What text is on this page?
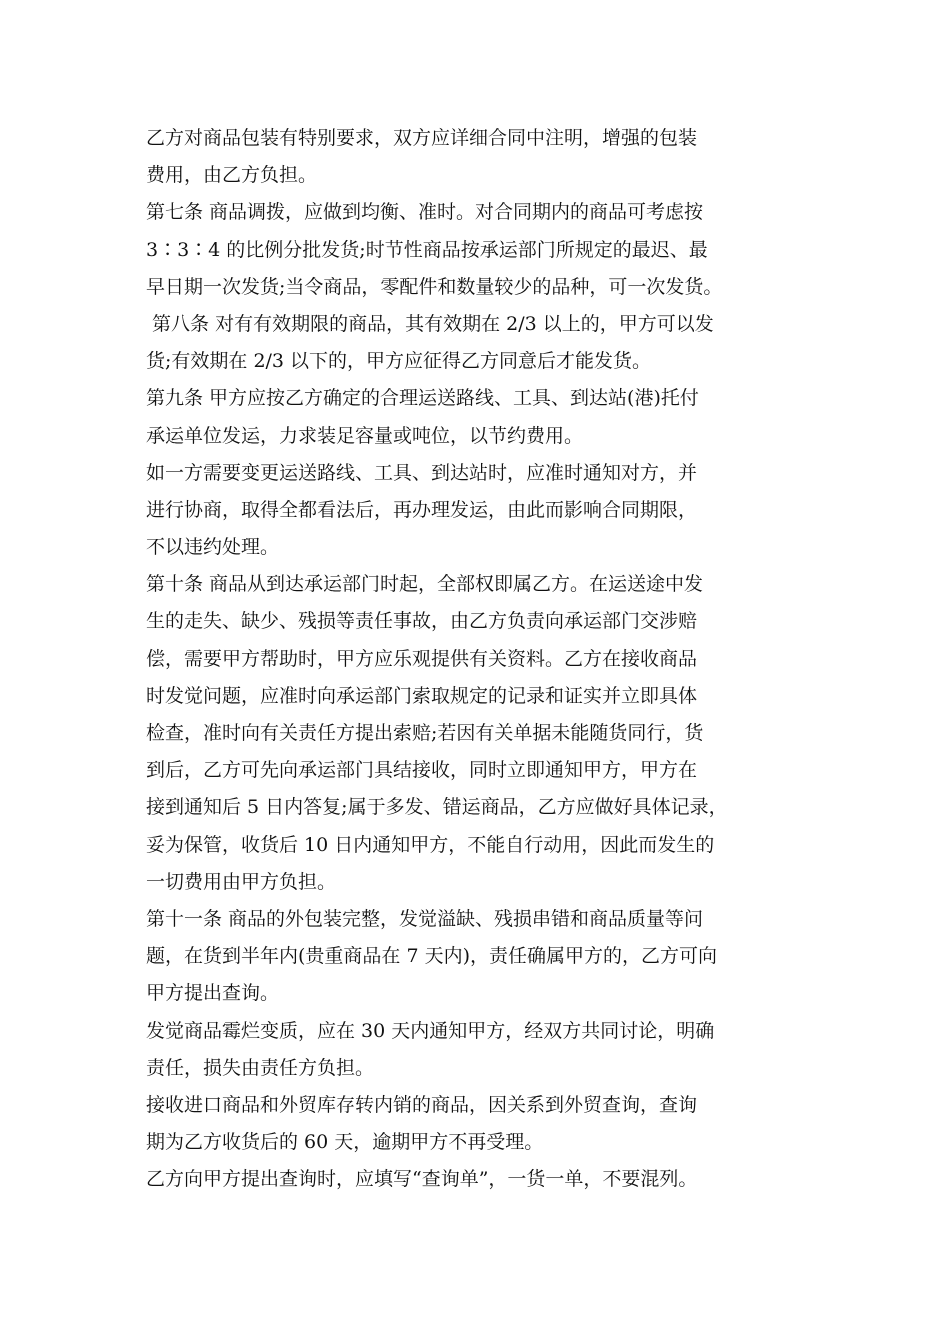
乙方对商品包装有特别要求，双方应详细合同中注明，增强的包装
费用，由乙方负担。
第七条 商品调拨，应做到均衡、准时。对合同期内的商品可考虑按
3∶3∶4 的比例分批发货;时节性商品按承运部门所规定的最迟、最
早日期一次发货;当令商品，零配件和数量较少的品种，可一次发货。
第八条 对有有效期限的商品，其有效期在 2/3 以上的，甲方可以发
货;有效期在 2/3 以下的，甲方应征得乙方同意后才能发货。
第九条 甲方应按乙方确定的合理运送路线、工具、到达站(港)托付
承运单位发运，力求装足容量或吨位，以节约费用。
如一方需要变更运送路线、工具、到达站时，应准时通知对方，并
进行协商，取得全都看法后，再办理发运，由此而影响合同期限，
不以违约处理。
第十条 商品从到达承运部门时起，全部权即属乙方。在运送途中发
生的走失、缺少、残损等责任事故，由乙方负责向承运部门交涉赔
偿，需要甲方帮助时，甲方应乐观提供有关资料。乙方在接收商品
时发觉问题，应准时向承运部门索取规定的记录和证实并立即具体
检查，准时向有关责任方提出索赔;若因有关单据未能随货同行，货
到后，乙方可先向承运部门具结接收，同时立即通知甲方，甲方在
接到通知后 5 日内答复;属于多发、错运商品，乙方应做好具体记录，
妥为保管，收货后 10 日内通知甲方，不能自行动用，因此而发生的
一切费用由甲方负担。
第十一条 商品的外包装完整，发觉溢缺、残损串错和商品质量等问
题，在货到半年内(贵重商品在 7 天内)，责任确属甲方的，乙方可向
甲方提出查询。
发觉商品霉烂变质，应在 30 天内通知甲方，经双方共同讨论，明确
责任，损失由责任方负担。
接收进口商品和外贸库存转内销的商品，因关系到外贸查询，查询
期为乙方收货后的 60 天，逾期甲方不再受理。
乙方向甲方提出查询时，应填写“查询单”，一货一单，不要混列。
